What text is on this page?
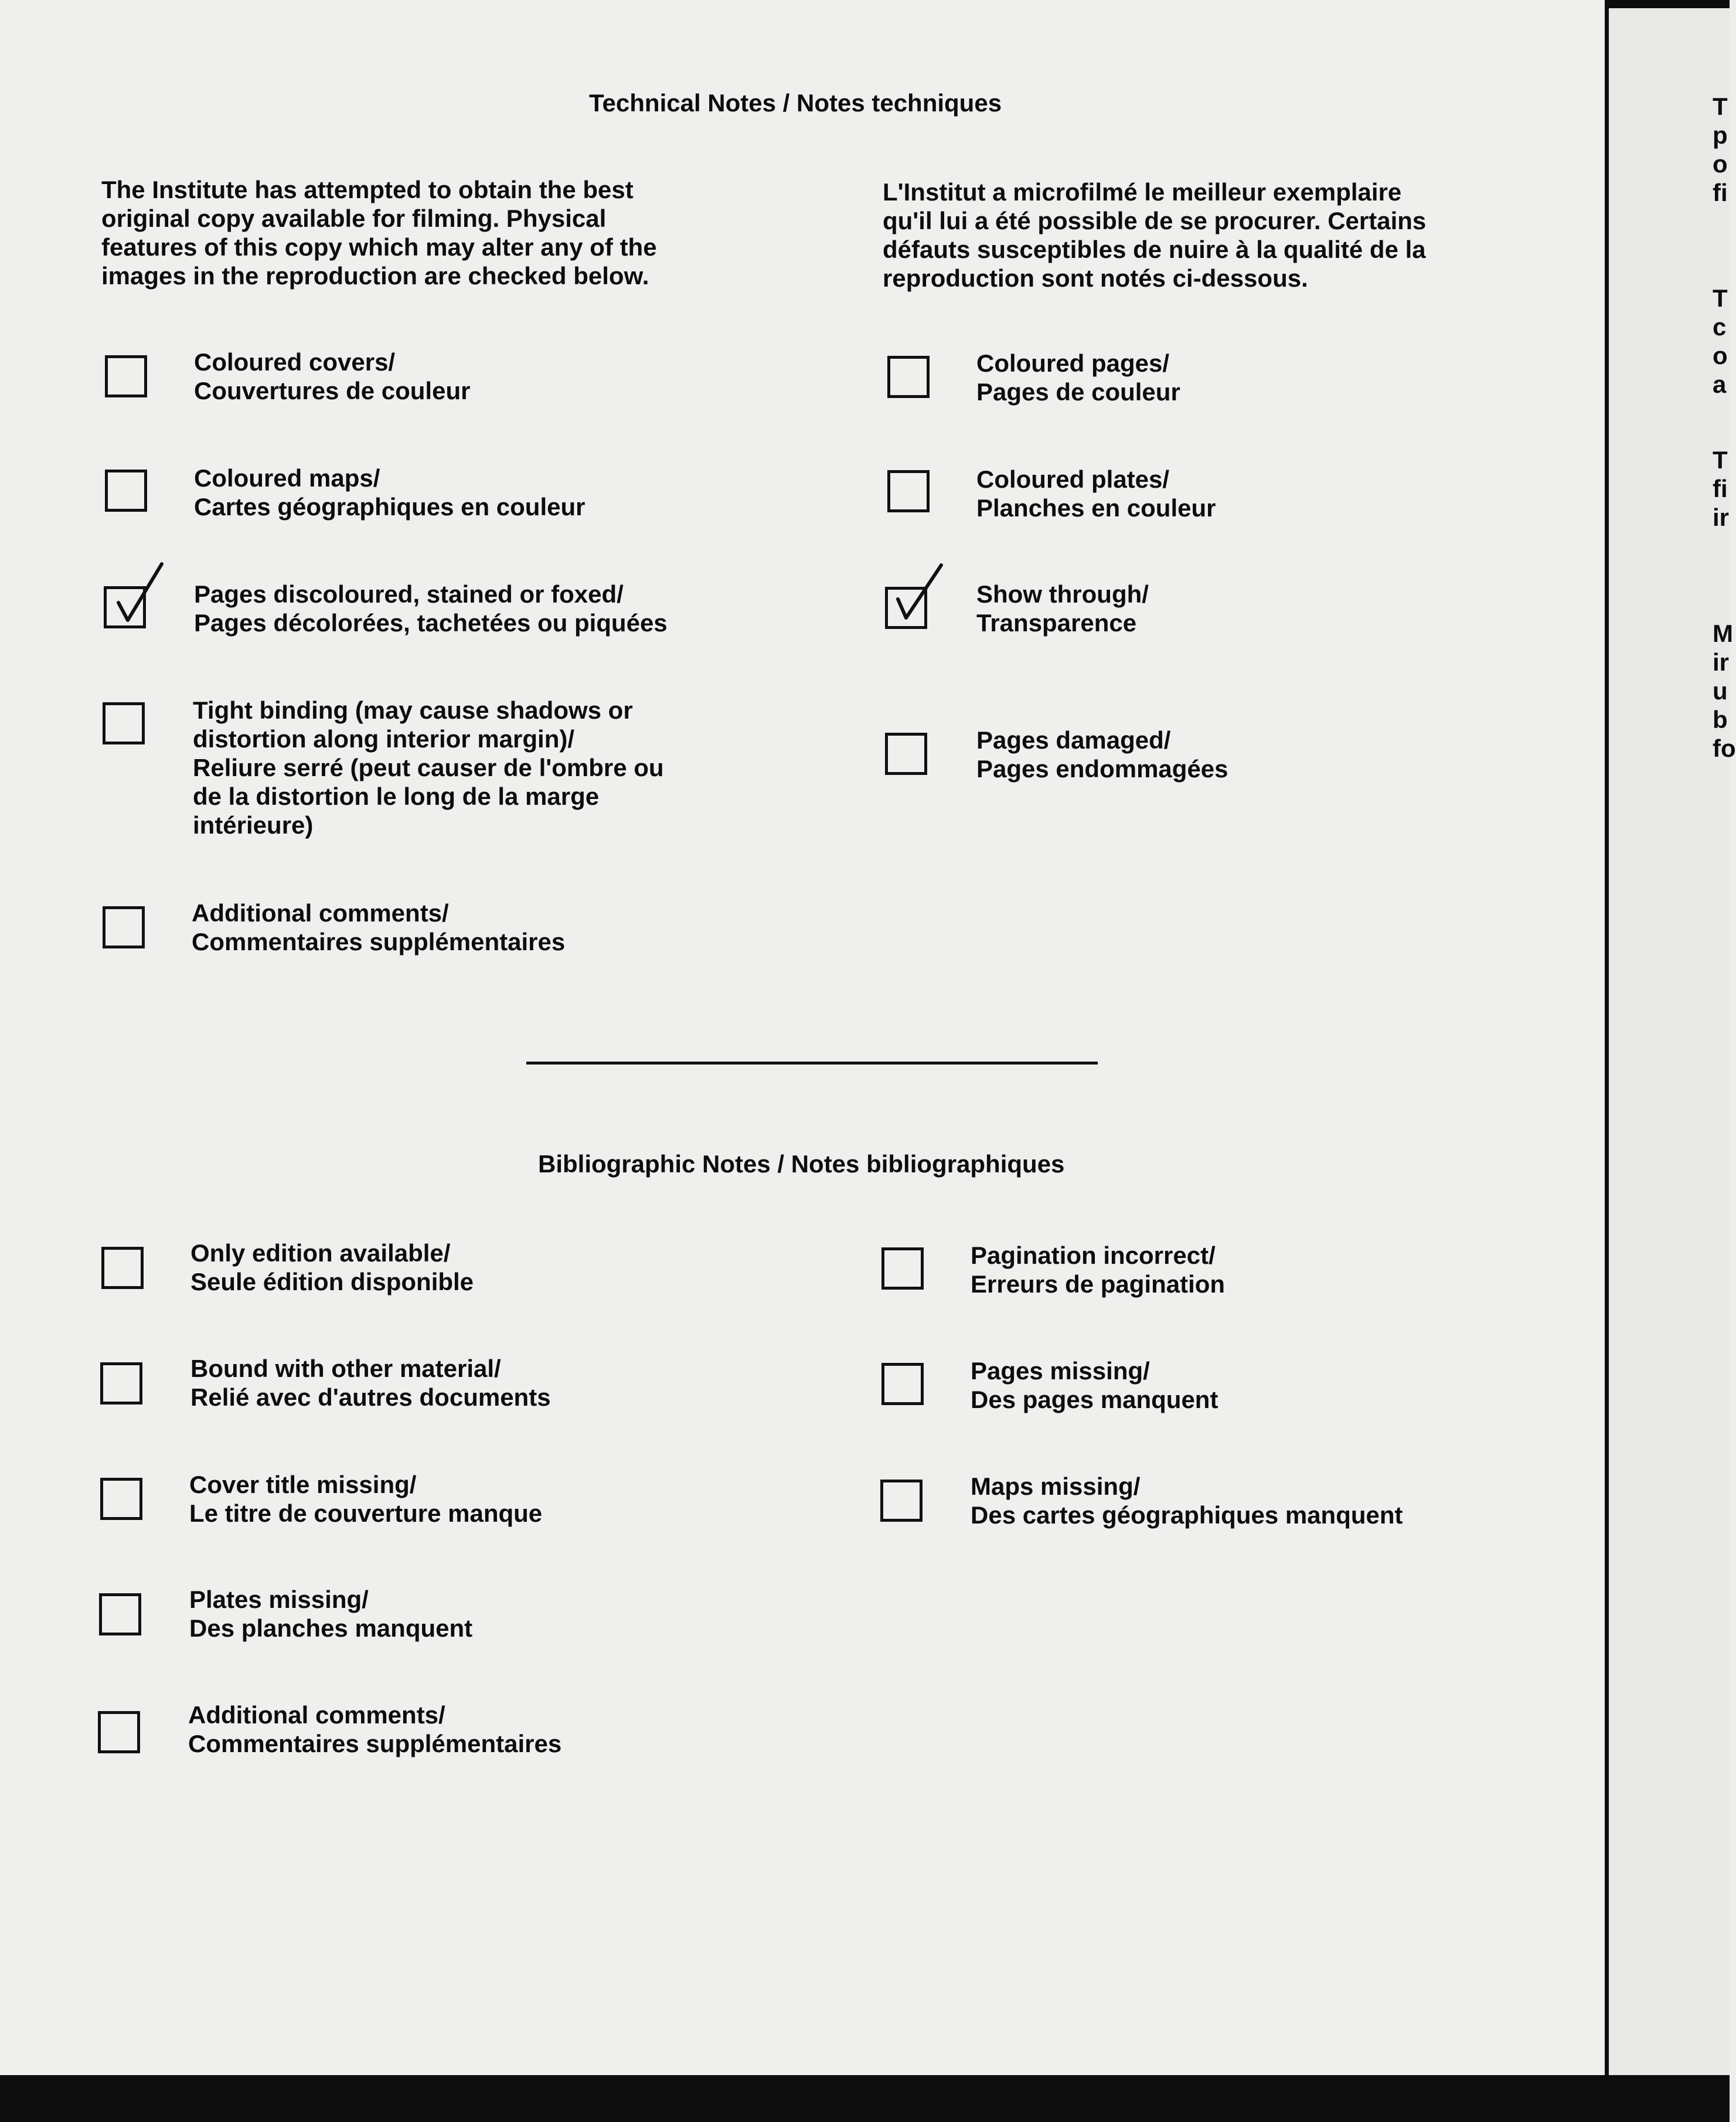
Technical Notes / Notes techniques
The Institute has attempted to obtain the best
original copy available for filming. Physical
features of this copy which may alter any of the
images in the reproduction are checked below.
L'Institut a microfilmé le meilleur exemplaire
qu'il lui a été possible de se procurer. Certains
défauts susceptibles de nuire à la qualité de la
reproduction sont notés ci-dessous.
Coloured covers/
Couvertures de couleur
Coloured pages/
Pages de couleur
Coloured maps/
Cartes géographiques en couleur
Coloured plates/
Planches en couleur
Pages discoloured, stained or foxed/
Pages décolorées, tachetées ou piquées
Show through/
Transparence
Tight binding (may cause shadows or
distortion along interior margin)/
Reliure serré (peut causer de l'ombre ou
de la distortion le long de la marge
intérieure)
Pages damaged/
Pages endommagées
Additional comments/
Commentaires supplémentaires
Bibliographic Notes / Notes bibliographiques
Only edition available/
Seule édition disponible
Pagination incorrect/
Erreurs de pagination
Bound with other material/
Relié avec d'autres documents
Pages missing/
Des pages manquent
Cover title missing/
Le titre de couverture manque
Maps missing/
Des cartes géographiques manquent
Plates missing/
Des planches manquent
Additional comments/
Commentaires supplémentaires
T
p
o
fi
T
c
o
a
T
fi
ir
M
ir
u
b
fo
